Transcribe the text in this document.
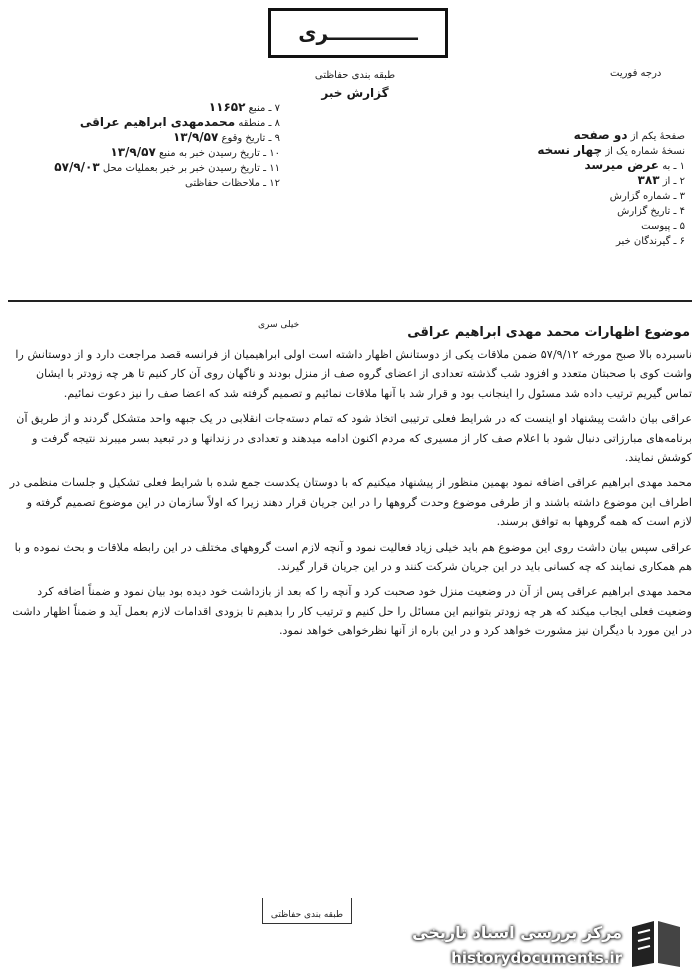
ـــــــــــــرى
درجه فوریت
طبقه بندی حفاظتی
گزارش خبر
۷ ـ منبع ۱۱۶۵۲
۸ ـ منطقه محمدمهدی ابراهیم عراقی
۹ ـ تاریخ وقوع ۱۳/۹/۵۷
۱۰ ـ تاریخ رسیدن خبر به منبع ۱۳/۹/۵۷
۱۱ ـ تاریخ رسیدن خبر بر خبر بعملیات محل ۵۷/۹/۰۳
۱۲ ـ ملاحظات حفاظتی
صفحهٔ یکم از دو صفحه
نسخهٔ شماره یک از چهار نسخه
۱ ـ به عرض میرسد
۲ ـ از ۳۸۳
۳ ـ شماره گزارش
۴ ـ تاریخ گزارش
۵ ـ پیوست
۶ ـ گیرندگان خبر
خیلی سری	موضوع اظهارات محمد مهدی ابراهیم عراقی

ناسبرده بالا صبح مورخه ۵۷/۹/۱۲ ضمن ملاقات یکی از دوستانش اظهار داشته است اولی ابراهیمیان از فرانسه قصد مراجعت دارد و از دوستانش را واشت کوی با صحبتان متعدد و افزود شب گذشته تعدادی از اعضای گروه صف از منزل بودند و ناگهان روی آن کار کنیم تا هر چه زودتر با ایشان تماس گیریم ترتیب داده شد مسئول را اینجانب بود و قرار شد با آنها ملاقات نمائیم و تصمیم گرفته شد که اعضا صف را نیز دعوت نمائیم.

عراقی بیان داشت پیشنهاد او اینست که در شرایط فعلی ترتیبی اتخاذ شود که تمام دسته‌جات انقلابی در یک جبهه واحد متشکل گردند و از طریق آن برنامه‌های مبارزاتی دنبال شود با اعلام صف کار از مسیری که مردم اکنون ادامه میدهند و تعدادی در زندانها و در تبعید بسر میبرند نتیجه گرفت و کوشش نمایند.

محمد مهدی ابراهیم عراقی اضافه نمود بهمین منظور از پیشنهاد میکنیم که با دوستان یکدست جمع شده با شرایط فعلی تشکیل و جلسات منظمی در اطراف این موضوع داشته باشند و از طرفی موضوع وحدت گروهها را در این جریان قرار دهند زیرا که اولاً سازمان در این موضوع تصمیم گرفته و لازم است که همه گروهها به توافق برسند.

عراقی سپس بیان داشت روی این موضوع هم باید خیلی زیاد فعالیت نمود و آنچه لازم است گروههای مختلف در این رابطه ملاقات و بحث نموده و با هم همکاری نمایند که چه کسانی باید در این جریان شرکت کنند و در این جریان قرار گیرند.

محمد مهدی ابراهیم عراقی پس از آن در وضعیت منزل خود صحبت کرد و آنچه را که بعد از بازداشت خود دیده بود بیان نمود و ضمناً اضافه کرد وضعیت فعلی ایجاب میکند که هر چه زودتر بتوانیم این مسائل را حل کنیم و ترتیب کار را بدهیم تا بزودی اقدامات لازم بعمل آید و ضمناً اظهار داشت در این مورد با دیگران نیز مشورت خواهد کرد و در این باره از آنها نظرخواهی خواهد نمود.

طبقه بندی حفاظتی
مرکز بررسی اسناد تاریخی
historydocuments.ir
